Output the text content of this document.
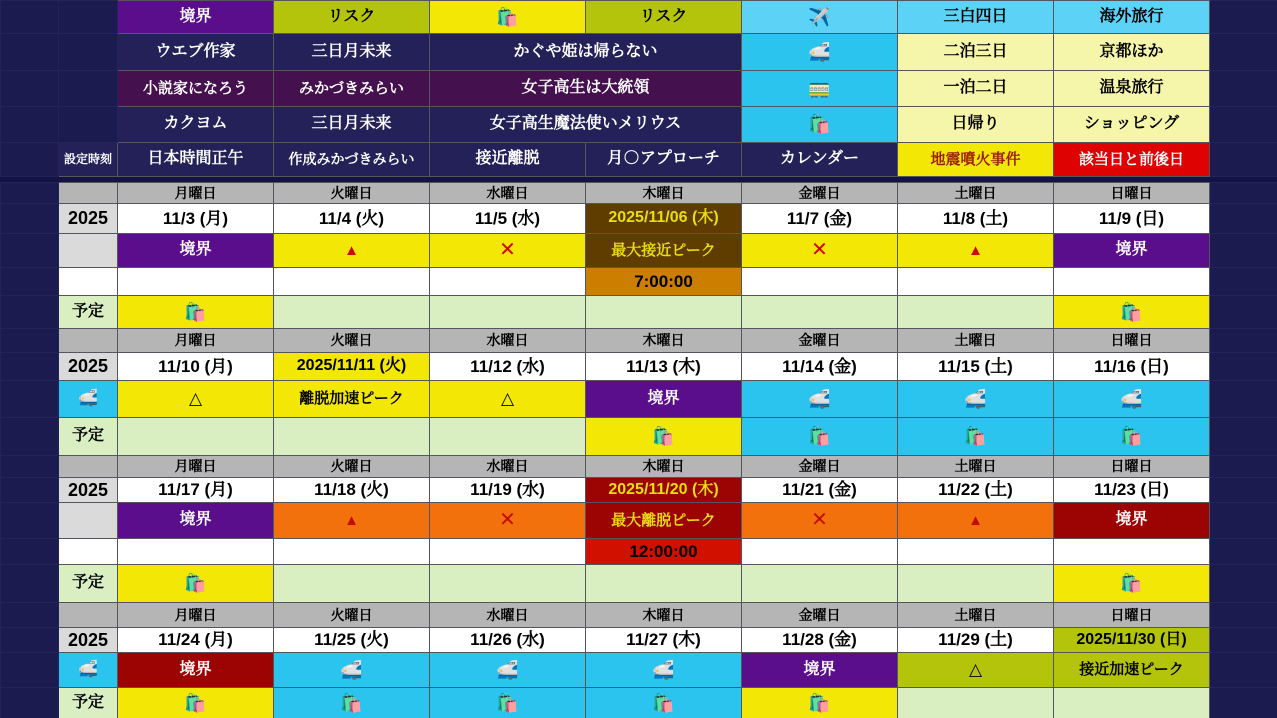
		境界	リスク	🛍️	リスク	✈️	三白四日	海外旅行	
		ウエブ作家	三日月未来	かぐや姫は帰らない		🚅	二泊三日	京都ほか	
		小説家になろう	みかづきみらい	女子高生は大統領		🚃	一泊二日	温泉旅行	
		カクヨム	三日月未来	女子高生魔法使いメリウス		🛍️	日帰り	ショッピング	
	設定時刻	日本時間正午	作成みかづきみらい	接近離脱	月🌕アプローチ	カレンダー	地震噴火事件	該当日と前後日	

		月曜日	火曜日	水曜日	木曜日	金曜日	土曜日	日曜日	
	2025	11/3 (月)	11/4 (火)	11/5 (水)	2025/11/06 (木)	11/7 (金)	11/8 (土)	11/9 (日)	
		境界	▲	✕	最大接近ピーク	✕	▲	境界	
					7:00:00				
	予定	🛍️						🛍️	
		月曜日	火曜日	水曜日	木曜日	金曜日	土曜日	日曜日	
	2025	11/10 (月)	2025/11/11 (火)	11/12 (水)	11/13 (木)	11/14 (金)	11/15 (土)	11/16 (日)	
	🚅	△	離脱加速ピーク	△	境界	🚅	🚅	🚅	
	予定				🛍️	🛍️	🛍️	🛍️	
		月曜日	火曜日	水曜日	木曜日	金曜日	土曜日	日曜日	
	2025	11/17 (月)	11/18 (火)	11/19 (水)	2025/11/20 (木)	11/21 (金)	11/22 (土)	11/23 (日)	
		境界	▲	✕	最大離脱ピーク	✕	▲	境界	
					12:00:00				
	予定	🛍️						🛍️	
		月曜日	火曜日	水曜日	木曜日	金曜日	土曜日	日曜日	
	2025	11/24 (月)	11/25 (火)	11/26 (水)	11/27 (木)	11/28 (金)	11/29 (土)	2025/11/30 (日)	
	🚅	境界	🚅	🚅	🚅	境界	△	接近加速ピーク	
	予定	🛍️	🛍️	🛍️	🛍️	🛍️			
